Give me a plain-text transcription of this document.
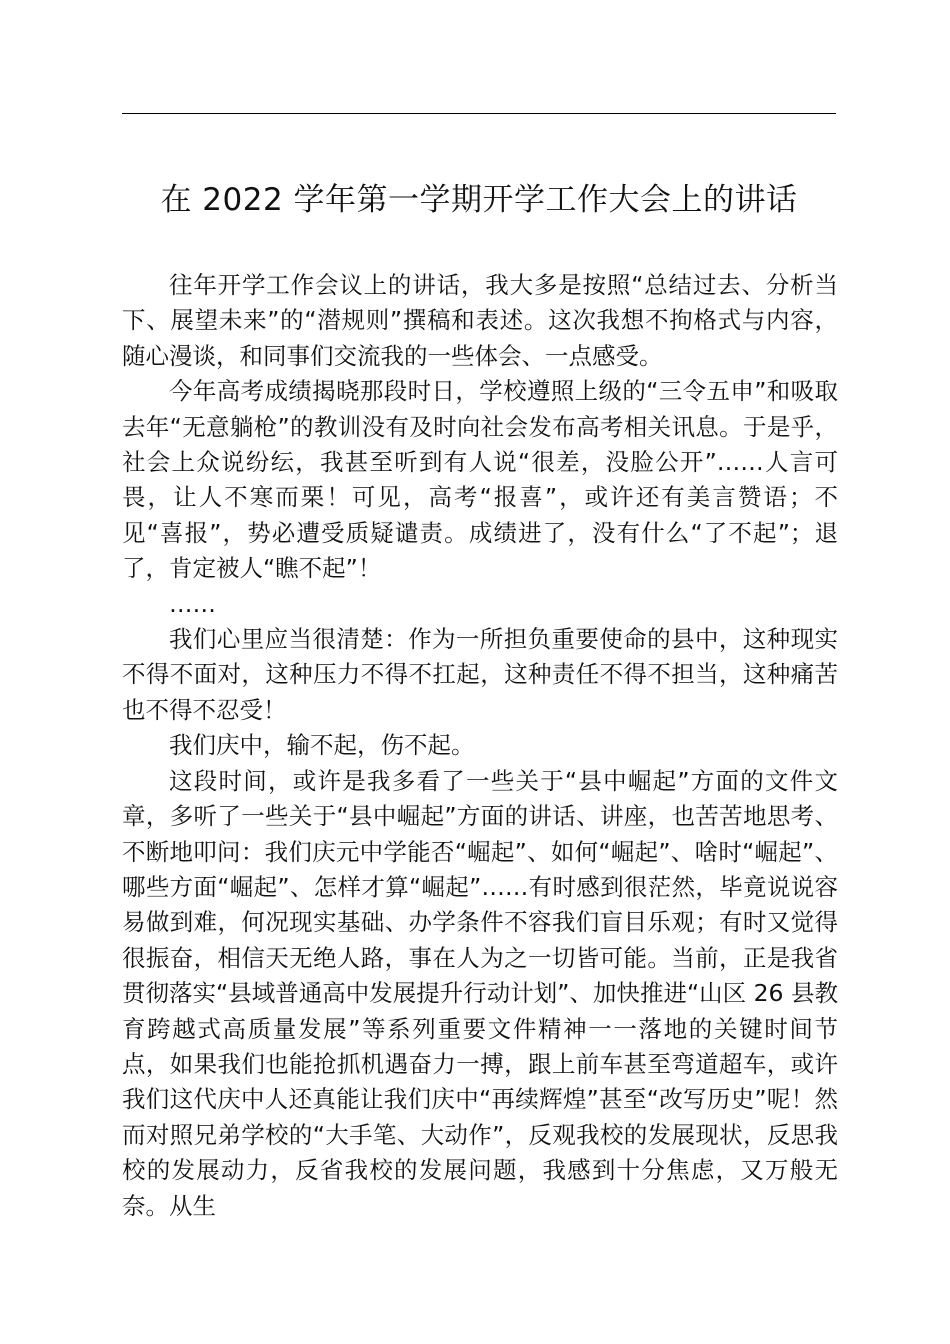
在 2022 学年第一学期开学工作大会上的讲话

往年开学工作会议上的讲话，我大多是按照“总结过去、分析当下、展望未来”的“潜规则”撰稿和表述。这次我想不拘格式与内容，随心漫谈，和同事们交流我的一些体会、一点感受。

今年高考成绩揭晓那段时日，学校遵照上级的“三令五申”和吸取去年“无意躺枪”的教训没有及时向社会发布高考相关讯息。于是乎，社会上众说纷纭，我甚至听到有人说“很差，没脸公开”……人言可畏，让人不寒而栗！可见，高考“报喜”，或许还有美言赞语；不见“喜报”，势必遭受质疑谴责。成绩进了，没有什么“了不起”；退了，肯定被人“瞧不起”！

……

我们心里应当很清楚：作为一所担负重要使命的县中，这种现实不得不面对，这种压力不得不扛起，这种责任不得不担当，这种痛苦也不得不忍受！

我们庆中，输不起，伤不起。

这段时间，或许是我多看了一些关于“县中崛起”方面的文件文章，多听了一些关于“县中崛起”方面的讲话、讲座，也苦苦地思考、不断地叩问：我们庆元中学能否“崛起”、如何“崛起”、啥时“崛起”、哪些方面“崛起”、怎样才算“崛起”……有时感到很茫然，毕竟说说容易做到难，何况现实基础、办学条件不容我们盲目乐观；有时又觉得很振奋，相信天无绝人路，事在人为之一切皆可能。当前，正是我省贯彻落实“县域普通高中发展提升行动计划”、加快推进“山区 26 县教育跨越式高质量发展”等系列重要文件精神一一落地的关键时间节点，如果我们也能抢抓机遇奋力一搏，跟上前车甚至弯道超车，或许我们这代庆中人还真能让我们庆中“再续辉煌”甚至“改写历史”呢！然而对照兄弟学校的“大手笔、大动作”，反观我校的发展现状，反思我校的发展动力，反省我校的发展问题，我感到十分焦虑，又万般无奈。从生
